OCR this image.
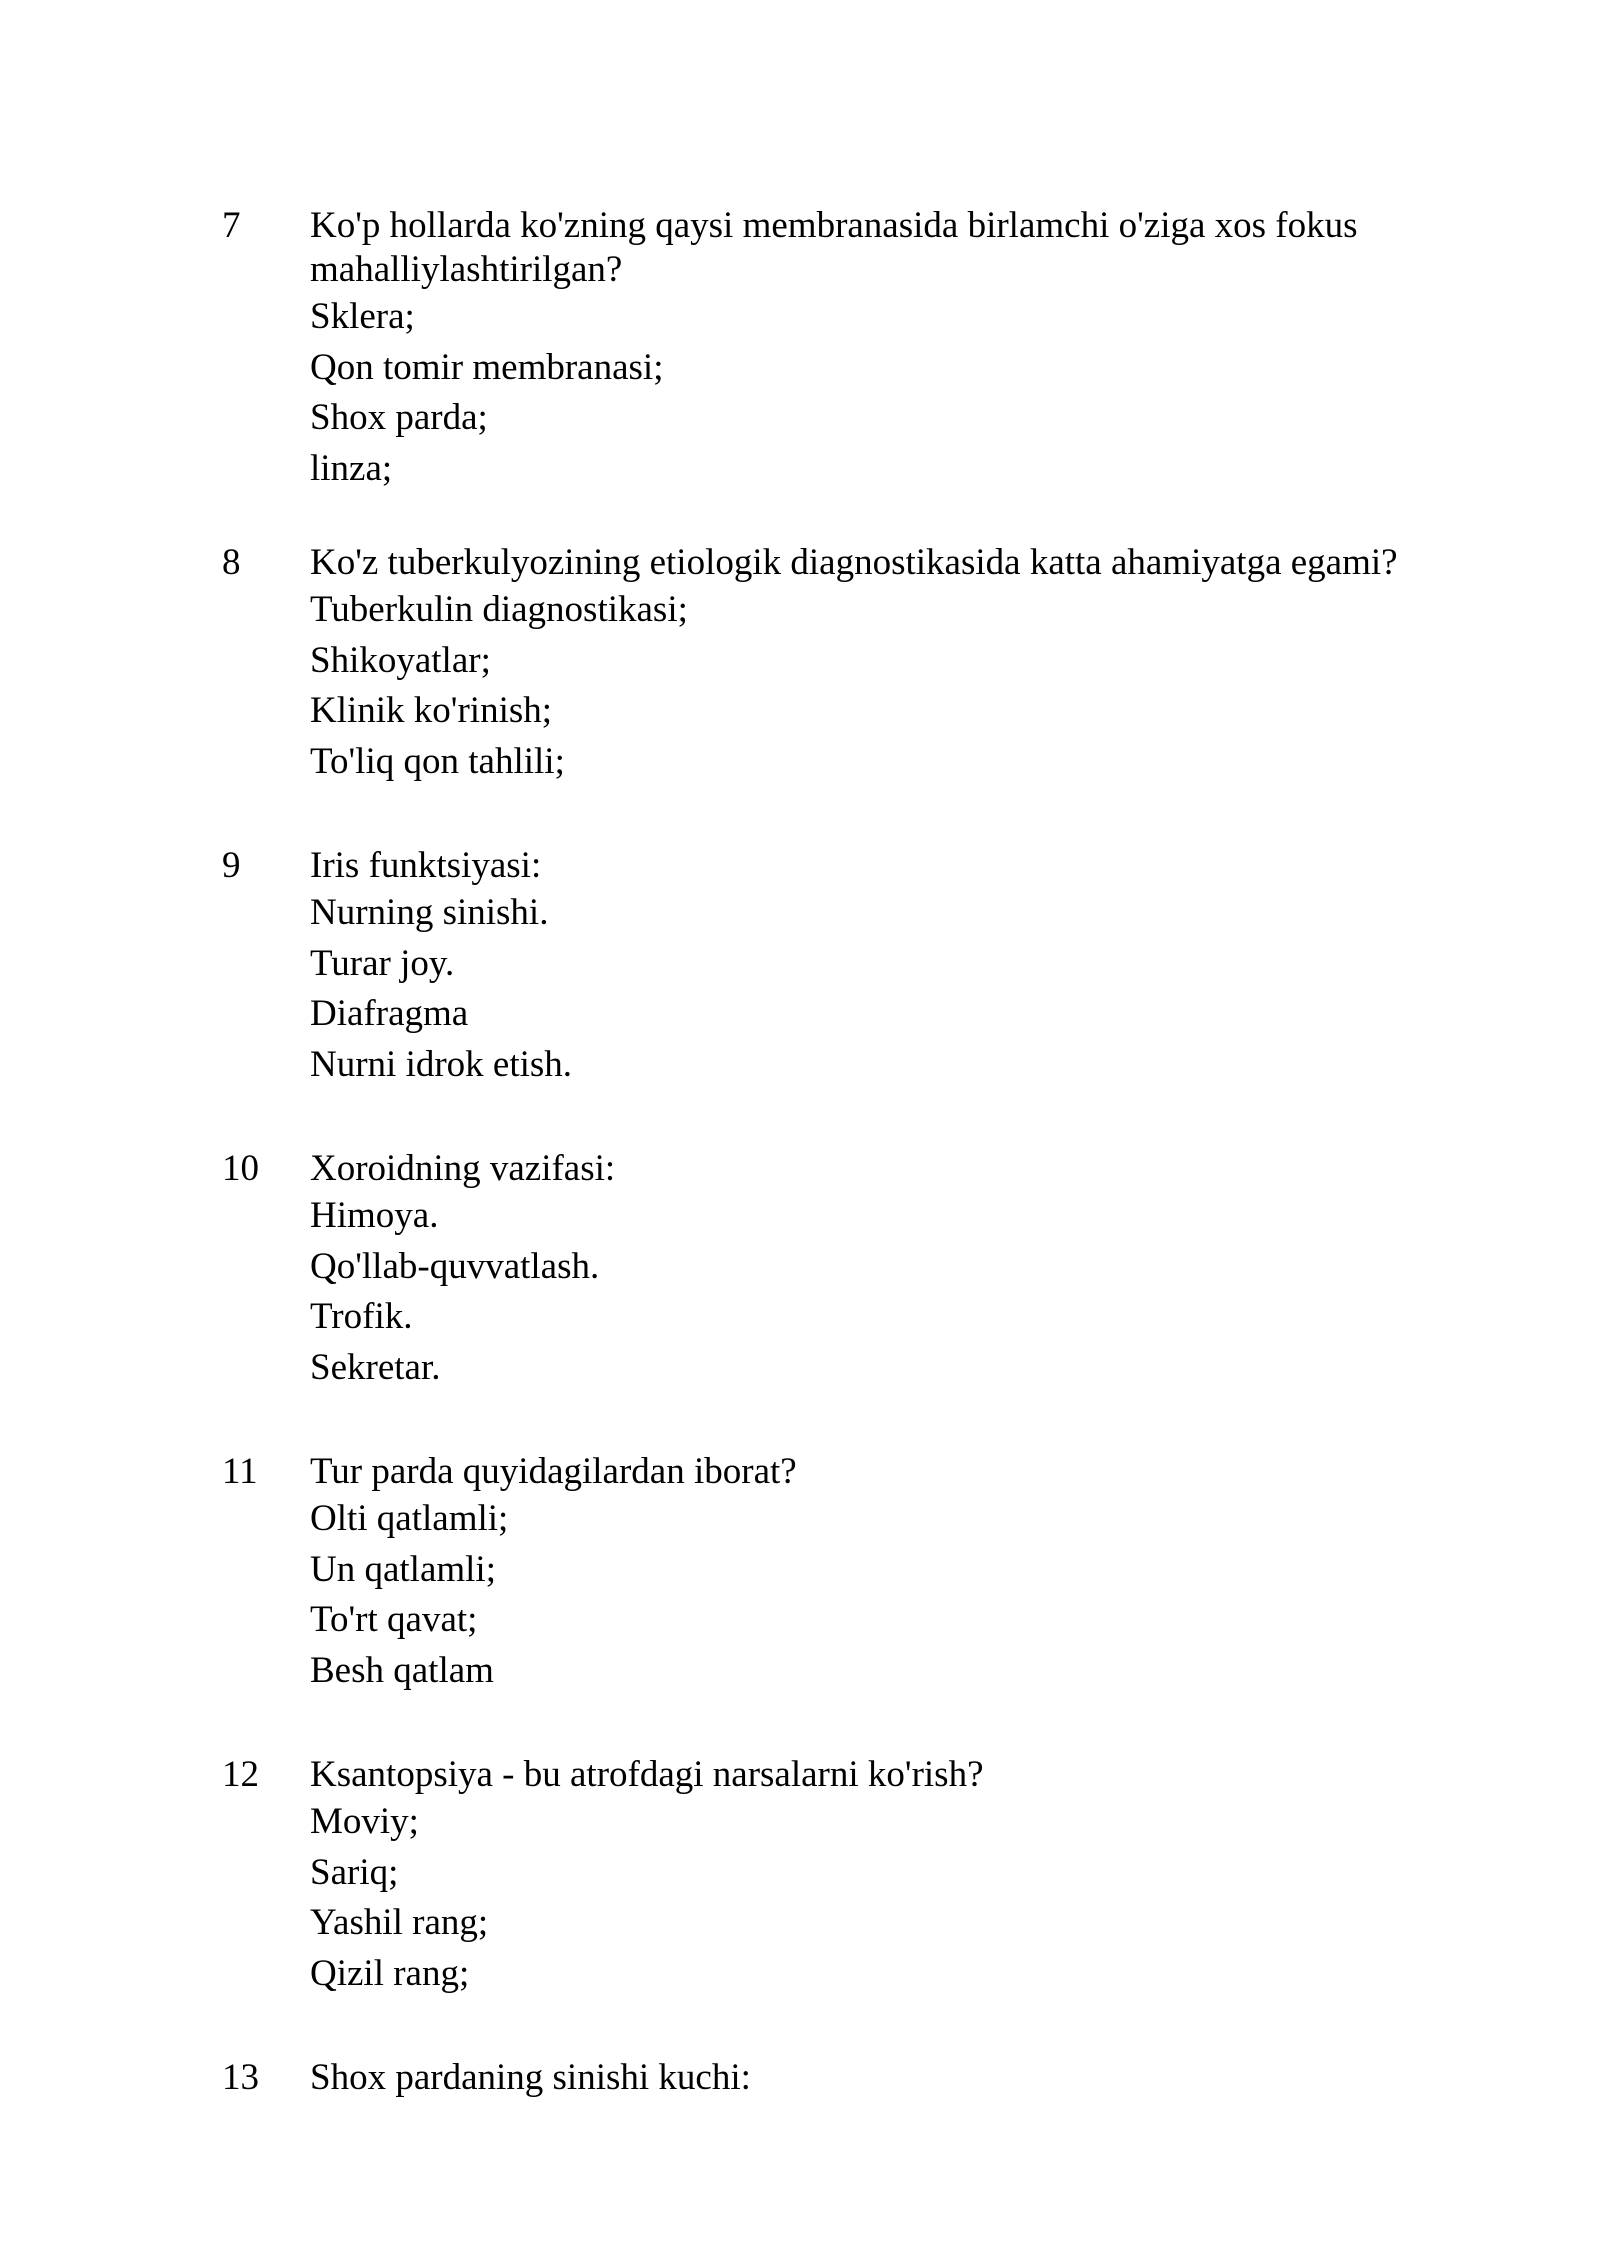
7	Ko'p hollarda ko'zning qaysi membranasida birlamchi o'ziga xos fokus mahalliylashtirilgan?

Sklera;
Qon tomir membranasi;
Shox parda;
linza;
8	Ko'z tuberkulyozining etiologik diagnostikasida katta ahamiyatga egami?

Tuberkulin diagnostikasi;
Shikoyatlar;
Klinik ko'rinish;
To'liq qon tahlili;
9	Iris funktsiyasi:

Nurning sinishi.
Turar joy.
Diafragma
Nurni idrok etish.
10	Xoroidning vazifasi:

Himoya.
Qo'llab-quvvatlash.
Trofik.
Sekretar.
11	Tur parda quyidagilardan iborat?

Olti qatlamli;
Un qatlamli;
To'rt qavat;
Besh qatlam
12	Ksantopsiya - bu atrofdagi narsalarni ko'rish?

Moviy;
Sariq;
Yashil rang;
Qizil rang;
13	Shox pardaning sinishi kuchi:
